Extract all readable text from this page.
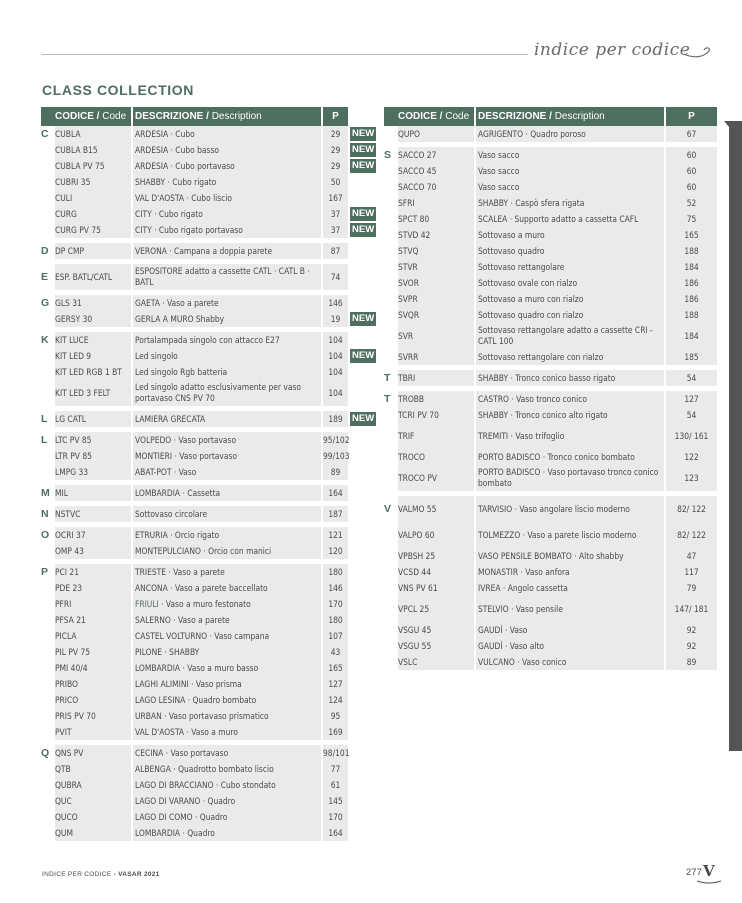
indice per codice
CLASS COLLECTION
CODICE / Code		DESCRIZIONE / Description	P	
C	CUBLA	ARDESIA · Cubo	29	NEW
	CUBLA B15	ARDESIA · Cubo basso	29	NEW
	CUBLA PV 75	ARDESIA · Cubo portavaso	29	NEW
	CUBRI 35	SHABBY · Cubo rigato	50	
	CULI	VAL D'AOSTA · Cubo liscio	167	
	CURG	CITY · Cubo rigato	37	NEW
	CURG PV 75	CITY · Cubo rigato portavaso	37	NEW

D	DP CMP	VERONA · Campana a doppia parete	87	

E	ESP. BATL/CATL	ESPOSITORE adatto a cassette CATL · CATL B · BATL	74	

G	GLS 31	GAETA · Vaso a parete	146	
	GERSY 30	GERLA A MURO Shabby	19	NEW

K	KIT LUCE	Portalampada singolo con attacco E27	104	
	KIT LED 9	Led singolo	104	NEW
	KIT LED RGB 1 BT	Led singolo Rgb batteria	104	
	KIT LED 3 FELT	Led singolo adatto esclusivamente per vaso portavaso CNS PV 70	104	

L	LG CATL	LAMIERA GRECATA	189	NEW

L	LTC PV 85	VOLPEDO · Vaso portavaso	95/102	
	LTR PV 85	MONTIERI · Vaso portavaso	99/103	
	LMPG 33	ABAT-POT · Vaso	89	

M	MIL	LOMBARDIA · Cassetta	164	

N	NSTVC	Sottovaso circolare	187	

O	OCRI 37	ETRURIA · Orcio rigato	121	
	OMP 43	MONTEPULCIANO · Orcio con manici	120	

P	PCI 21	TRIESTE · Vaso a parete	180	
	PDE 23	ANCONA · Vaso a parete baccellato	146	
	PFRI	FRIULI · Vaso a muro festonato	170	
	PFSA 21	SALERNO · Vaso a parete	180	
	PICLA	CASTEL VOLTURNO · Vaso campana	107	
	PIL PV 75	PILONE · SHABBY	43	
	PMI 40/4	LOMBARDIA · Vaso a muro basso	165	
	PRIBO	LAGHI ALIMINI · Vaso prisma	127	
	PRICO	LAGO LESINA · Quadro bombato	124	
	PRIS PV 70	URBAN · Vaso portavaso prismatico	95	
	PVIT	VAL D'AOSTA · Vaso a muro	169	

Q	QNS PV	CECINA · Vaso portavaso	98/101	
	QTB	ALBENGA · Quadrotto bombato liscio	77	
	QUBRA	LAGO DI BRACCIANO · Cubo stondato	61	
	QUC	LAGO DI VARANO · Quadro	145	
	QUCO	LAGO DI COMO · Quadro	170	
	QUM	LOMBARDIA · Quadro	164	
CODICE / Code		DESCRIZIONE / Description	P
	QUPO	AGRIGENTO · Quadro poroso	67

S	SACCO 27	Vaso sacco	60
	SACCO 45	Vaso sacco	60
	SACCO 70	Vaso sacco	60
	SFRI	SHABBY · Caspò sfera rigata	52
	SPCT 80	SCALEA · Supporto adatto a cassetta CAFL	75
	STVD 42	Sottovaso a muro	165
	STVQ	Sottovaso quadro	188
	STVR	Sottovaso rettangolare	184
	SVOR	Sottovaso ovale con rialzo	186
	SVPR	Sottovaso a muro con rialzo	186
	SVQR	Sottovaso quadro con rialzo	188
	SVR	Sottovaso rettangolare adatto a cassette CRI - CATL 100	184
	SVRR	Sottovaso rettangolare con rialzo	185

T	TBRI	SHABBY · Tronco conico basso rigato	54

T	TROBB	CASTRO · Vaso tronco conico	127
	TCRI PV 70	SHABBY · Tronco conico alto rigato	54
	TRIF	TREMITI · Vaso trifoglio	130/ 161
	TROCO	PORTO BADISCO · Tronco conico bombato	122
	TROCO PV	PORTO BADISCO · Vaso portavaso tronco conico bombato	123

V	VALMO 55	TARVISIO · Vaso angolare liscio moderno	82/ 122
	VALPO 60	TOLMEZZO · Vaso a parete liscio moderno	82/ 122
	VPBSH 25	VASO PENSILE BOMBATO · Alto shabby	47
	VCSD 44	MONASTIR · Vaso anfora	117
	VNS PV 61	IVREA · Angolo cassetta	79
	VPCL 25	STELVIO · Vaso pensile	147/ 181
	VSGU 45	GAUDÌ · Vaso	92
	VSGU 55	GAUDÌ · Vaso alto	92
	VSLC	VULCANO · Vaso conico	89
INDICE PER CODICE - VASAR 2021	277 V
